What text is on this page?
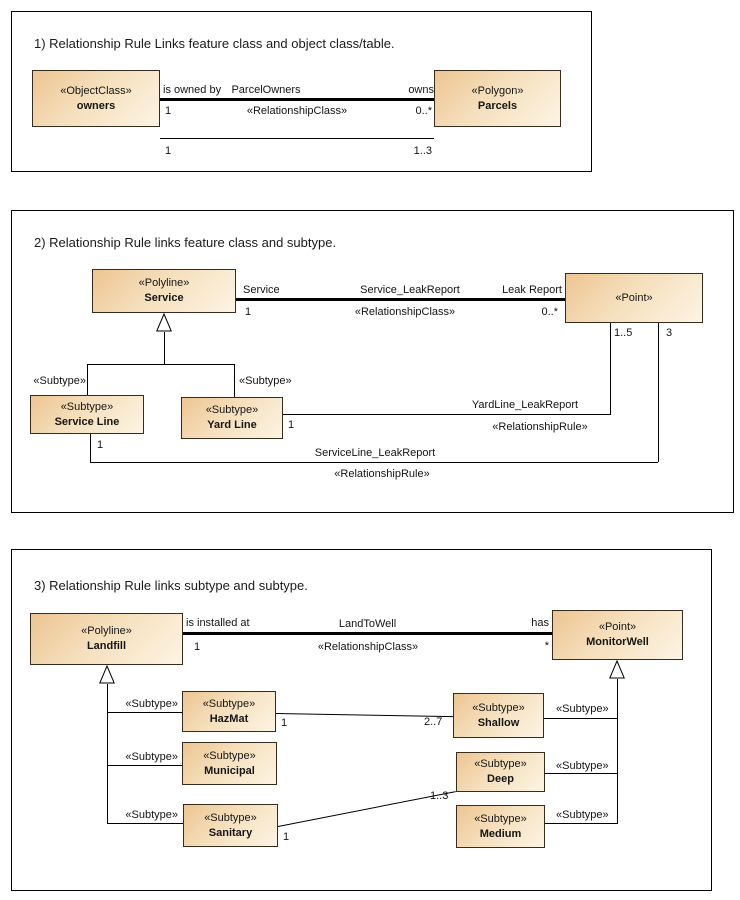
1) Relationship Rule Links feature class and object class/table.
«ObjectClass»
owners
«Polygon»
Parcels
is owned by ParcelOwners	owns
1	«RelationshipClass»	0..*
1	1..3
2) Relationship Rule links feature class and subtype.
«Polyline»
Service	«Point»
Service	Service_LeakReport	Leak Report
1	«RelationshipClass»	0..*
«Subtype»	«Subtype»
«Subtype»
Service Line
«Subtype»
Yard Line
1..5	3
1
YardLine_LeakReport
«RelationshipRule»
1
ServiceLine_LeakReport
«RelationshipRule»
3) Relationship Rule links subtype and subtype.
«Polyline»
Landfill
«Point»
MonitorWell
is installed at	LandToWell	has
1	«RelationshipClass»	*
«Subtype»
«Subtype»
«Subtype»
«Subtype»
«Subtype»
«Subtype»
«Subtype»
HazMat
«Subtype»
Municipal
«Subtype»
Sanitary
«Subtype»
Shallow
«Subtype»
Deep
«Subtype»
Medium
1	2..7
1
1..3
